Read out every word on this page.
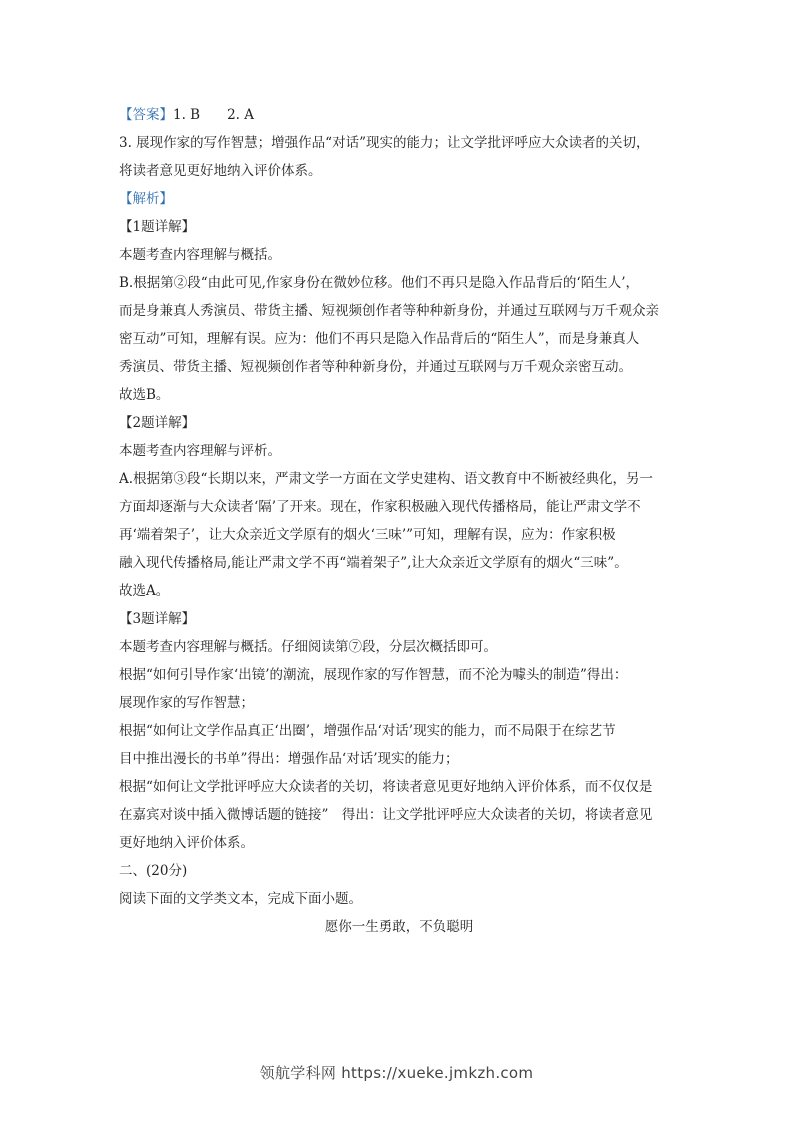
【答案】1. B　　2. A
3. 展现作家的写作智慧；增强作品“对话”现实的能力；让文学批评呼应大众读者的关切，
将读者意见更好地纳入评价体系。
【解析】
【1题详解】
本题考查内容理解与概括。
B.根据第②段“由此可见,作家身份在微妙位移。他们不再只是隐入作品背后的‘陌生人’，
而是身兼真人秀演员、带货主播、短视频创作者等种种新身份，并通过互联网与万千观众亲
密互动”可知，理解有误。应为：他们不再只是隐入作品背后的“陌生人”，而是身兼真人
秀演员、带货主播、短视频创作者等种种新身份，并通过互联网与万千观众亲密互动。
故选B。
【2题详解】
本题考查内容理解与评析。
A.根据第③段“长期以来，严肃文学一方面在文学史建构、语文教育中不断被经典化，另一
方面却逐渐与大众读者‘隔’了开来。现在，作家积极融入现代传播格局，能让严肃文学不
再‘端着架子’，让大众亲近文学原有的烟火‘三味’”可知，理解有误，应为：作家积极
融入现代传播格局,能让严肃文学不再“端着架子”,让大众亲近文学原有的烟火“三味”。
故选A。
【3题详解】
本题考查内容理解与概括。仔细阅读第⑦段，分层次概括即可。
根据“如何引导作家‘出镜’的潮流，展现作家的写作智慧，而不沦为噱头的制造”得出：
展现作家的写作智慧；
根据“如何让文学作品真正‘出圈’，增强作品‘对话’现实的能力，而不局限于在综艺节
目中推出漫长的书单”得出：增强作品‘对话’现实的能力；
根据“如何让文学批评呼应大众读者的关切，将读者意见更好地纳入评价体系，而不仅仅是
在嘉宾对谈中插入微博话题的链接”　得出：让文学批评呼应大众读者的关切，将读者意见
更好地纳入评价体系。
二、(20分)
阅读下面的文学类文本，完成下面小题。
愿你一生勇敢，不负聪明
领航学科网 https://xueke.jmkzh.com
